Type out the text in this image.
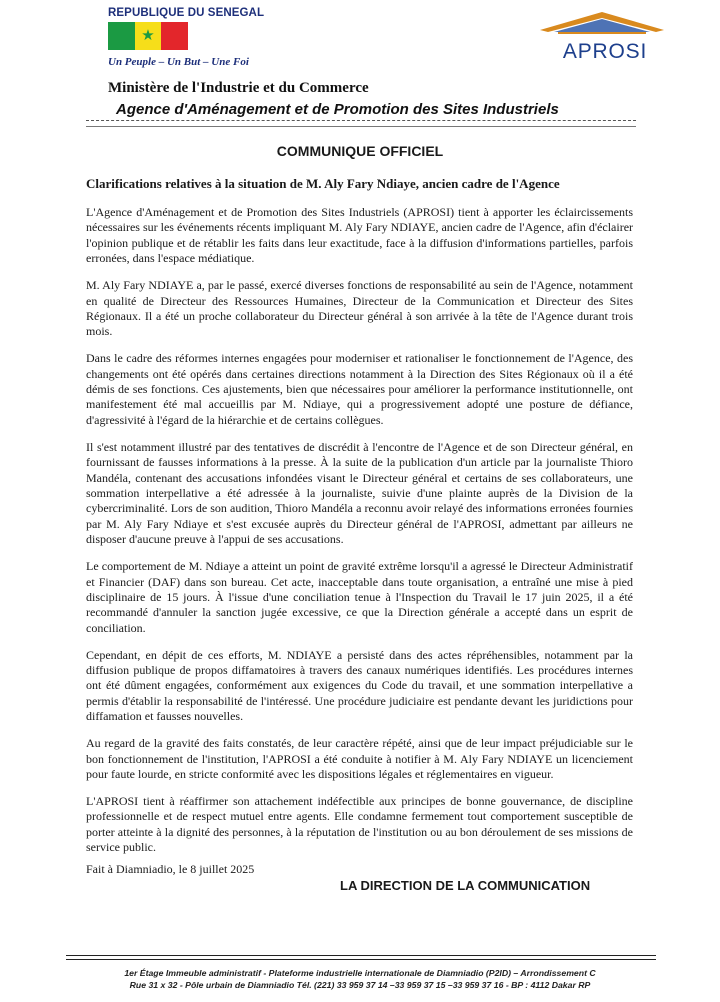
REPUBLIQUE DU SENEGAL
★
Un Peuple – Un But – Une Foi	APROSI
Ministère de l'Industrie et du Commerce
Agence d'Aménagement et de Promotion des Sites Industriels
COMMUNIQUE OFFICIEL
Clarifications relatives à la situation de M. Aly Fary Ndiaye, ancien cadre de l'Agence

L'Agence d'Aménagement et de Promotion des Sites Industriels (APROSI) tient à apporter les éclaircissements nécessaires sur les événements récents impliquant M. Aly Fary NDIAYE, ancien cadre de l'Agence, afin d'éclairer l'opinion publique et de rétablir les faits dans leur exactitude, face à la diffusion d'informations partielles, parfois erronées, dans l'espace médiatique.

M. Aly Fary NDIAYE a, par le passé, exercé diverses fonctions de responsabilité au sein de l'Agence, notamment en qualité de Directeur des Ressources Humaines, Directeur de la Communication et Directeur des Sites Régionaux. Il a été un proche collaborateur du Directeur général à son arrivée à la tête de l'Agence durant trois mois.

Dans le cadre des réformes internes engagées pour moderniser et rationaliser le fonctionnement de l'Agence, des changements ont été opérés dans certaines directions notamment à la Direction des Sites Régionaux où il a été démis de ses fonctions. Ces ajustements, bien que nécessaires pour améliorer la performance institutionnelle, ont manifestement été mal accueillis par M. Ndiaye, qui a progressivement adopté une posture de défiance, d'agressivité à l'égard de la hiérarchie et de certains collègues.

Il s'est notamment illustré par des tentatives de discrédit à l'encontre de l'Agence et de son Directeur général, en fournissant de fausses informations à la presse. À la suite de la publication d'un article par la journaliste Thioro Mandéla, contenant des accusations infondées visant le Directeur général et certains de ses collaborateurs, une sommation interpellative a été adressée à la journaliste, suivie d'une plainte auprès de la Division de la cybercriminalité. Lors de son audition, Thioro Mandéla a reconnu avoir relayé des informations erronées fournies par M. Aly Fary Ndiaye et s'est excusée auprès du Directeur général de l'APROSI, admettant par ailleurs ne disposer d'aucune preuve à l'appui de ses accusations.

Le comportement de M. Ndiaye a atteint un point de gravité extrême lorsqu'il a agressé le Directeur Administratif et Financier (DAF) dans son bureau. Cet acte, inacceptable dans toute organisation, a entraîné une mise à pied disciplinaire de 15 jours. À l'issue d'une conciliation tenue à l'Inspection du Travail le 17 juin 2025, il a été recommandé d'annuler la sanction jugée excessive, ce que la Direction générale a accepté dans un esprit de conciliation.

Cependant, en dépit de ces efforts, M. NDIAYE a persisté dans des actes répréhensibles, notamment par la diffusion publique de propos diffamatoires à travers des canaux numériques identifiés. Les procédures internes ont été dûment engagées, conformément aux exigences du Code du travail, et une sommation interpellative a permis d'établir la responsabilité de l'intéressé. Une procédure judiciaire est pendante devant les juridictions pour diffamation et fausses nouvelles.

Au regard de la gravité des faits constatés, de leur caractère répété, ainsi que de leur impact préjudiciable sur le bon fonctionnement de l'institution, l'APROSI a été conduite à notifier à M. Aly Fary NDIAYE un licenciement pour faute lourde, en stricte conformité avec les dispositions légales et réglementaires en vigueur.

L'APROSI tient à réaffirmer son attachement indéfectible aux principes de bonne gouvernance, de discipline professionnelle et de respect mutuel entre agents. Elle condamne fermement tout comportement susceptible de porter atteinte à la dignité des personnes, à la réputation de l'institution ou au bon déroulement de ses missions de service public.

Fait à Diamniadio, le 8 juillet 2025
LA DIRECTION DE LA COMMUNICATION
1er Étage Immeuble administratif - Plateforme industrielle internationale de Diamniadio (P2ID) – Arrondissement C
Rue 31 x 32 - Pôle urbain de Diamniadio Tél. (221) 33 959 37 14 –33 959 37 15 –33 959 37 16 - BP : 4112 Dakar RP
